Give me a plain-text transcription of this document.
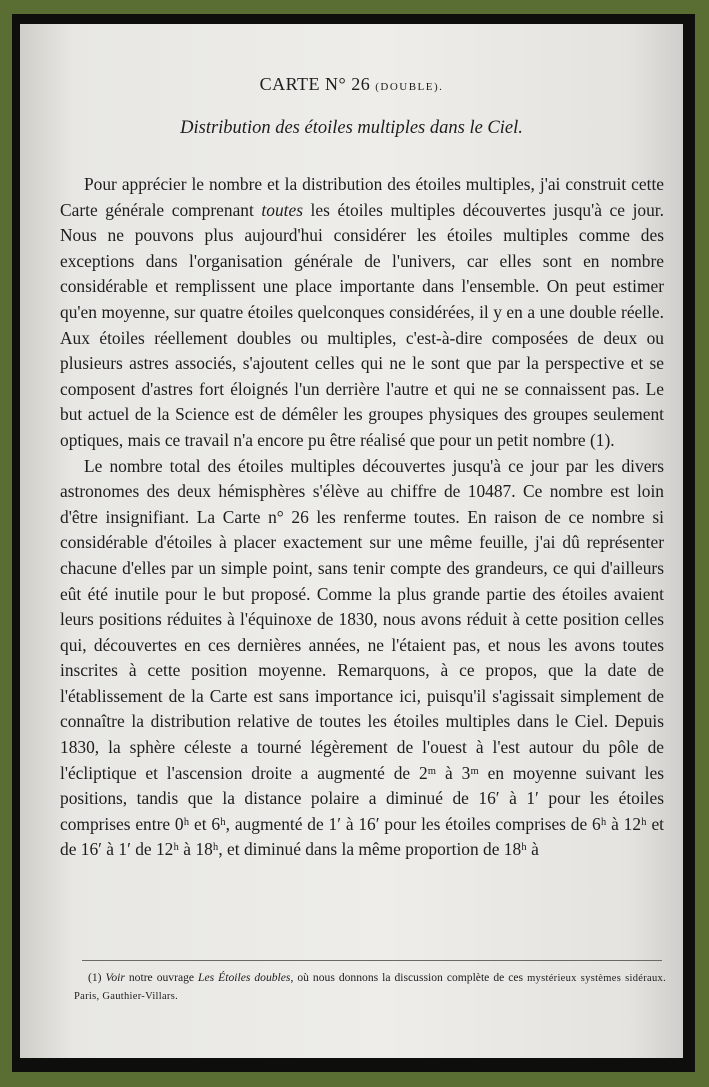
CARTE N° 26 (DOUBLE).
Distribution des étoiles multiples dans le Ciel.

Pour apprécier le nombre et la distribution des étoiles multiples, j'ai construit cette Carte générale comprenant toutes les étoiles multiples découvertes jusqu'à ce jour. Nous ne pouvons plus aujourd'hui considérer les étoiles multiples comme des exceptions dans l'organisation générale de l'univers, car elles sont en nombre considérable et remplissent une place importante dans l'ensemble. On peut estimer qu'en moyenne, sur quatre étoiles quelconques considérées, il y en a une double réelle. Aux étoiles réellement doubles ou multiples, c'est-à-dire composées de deux ou plusieurs astres associés, s'ajoutent celles qui ne le sont que par la perspective et se composent d'astres fort éloignés l'un derrière l'autre et qui ne se connaissent pas. Le but actuel de la Science est de démêler les groupes physiques des groupes seulement optiques, mais ce travail n'a encore pu être réalisé que pour un petit nombre (1).

Le nombre total des étoiles multiples découvertes jusqu'à ce jour par les divers astronomes des deux hémisphères s'élève au chiffre de 10487. Ce nombre est loin d'être insignifiant. La Carte n° 26 les renferme toutes. En raison de ce nombre si considérable d'étoiles à placer exactement sur une même feuille, j'ai dû représenter chacune d'elles par un simple point, sans tenir compte des grandeurs, ce qui d'ailleurs eût été inutile pour le but proposé. Comme la plus grande partie des étoiles avaient leurs positions réduites à l'équinoxe de 1830, nous avons réduit à cette position celles qui, découvertes en ces dernières années, ne l'étaient pas, et nous les avons toutes inscrites à cette position moyenne. Remarquons, à ce propos, que la date de l'établissement de la Carte est sans importance ici, puisqu'il s'agissait simplement de connaître la distribution relative de toutes les étoiles multiples dans le Ciel. Depuis 1830, la sphère céleste a tourné légèrement de l'ouest à l'est autour du pôle de l'écliptique et l'ascension droite a augmenté de 2ᵐ à 3ᵐ en moyenne suivant les positions, tandis que la distance polaire a diminué de 16′ à 1′ pour les étoiles comprises entre 0ʰ et 6ʰ, augmenté de 1′ à 16′ pour les étoiles comprises de 6ʰ à 12ʰ et de 16′ à 1′ de 12ʰ à 18ʰ, et diminué dans la même proportion de 18ʰ à

(1) Voir notre ouvrage Les Étoiles doubles, où nous donnons la discussion complète de ces mystérieux systèmes sidéraux. Paris, Gauthier-Villars.
